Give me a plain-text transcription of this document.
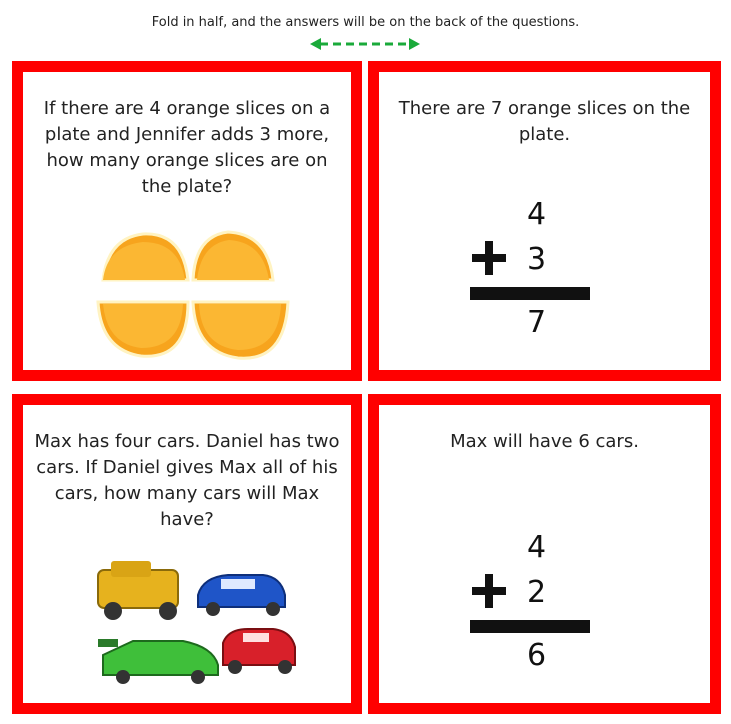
Fold in half, and the answers will be on the back of the questions.
If there are 4 orange slices on a plate and Jennifer adds 3 more, how many orange slices are on the plate?
There are 7 orange slices on the plate.
4
3
7
Max has four cars. Daniel has two cars. If Daniel gives Max all of his cars, how many cars will Max have?
Max will have 6 cars.
4
2
6
